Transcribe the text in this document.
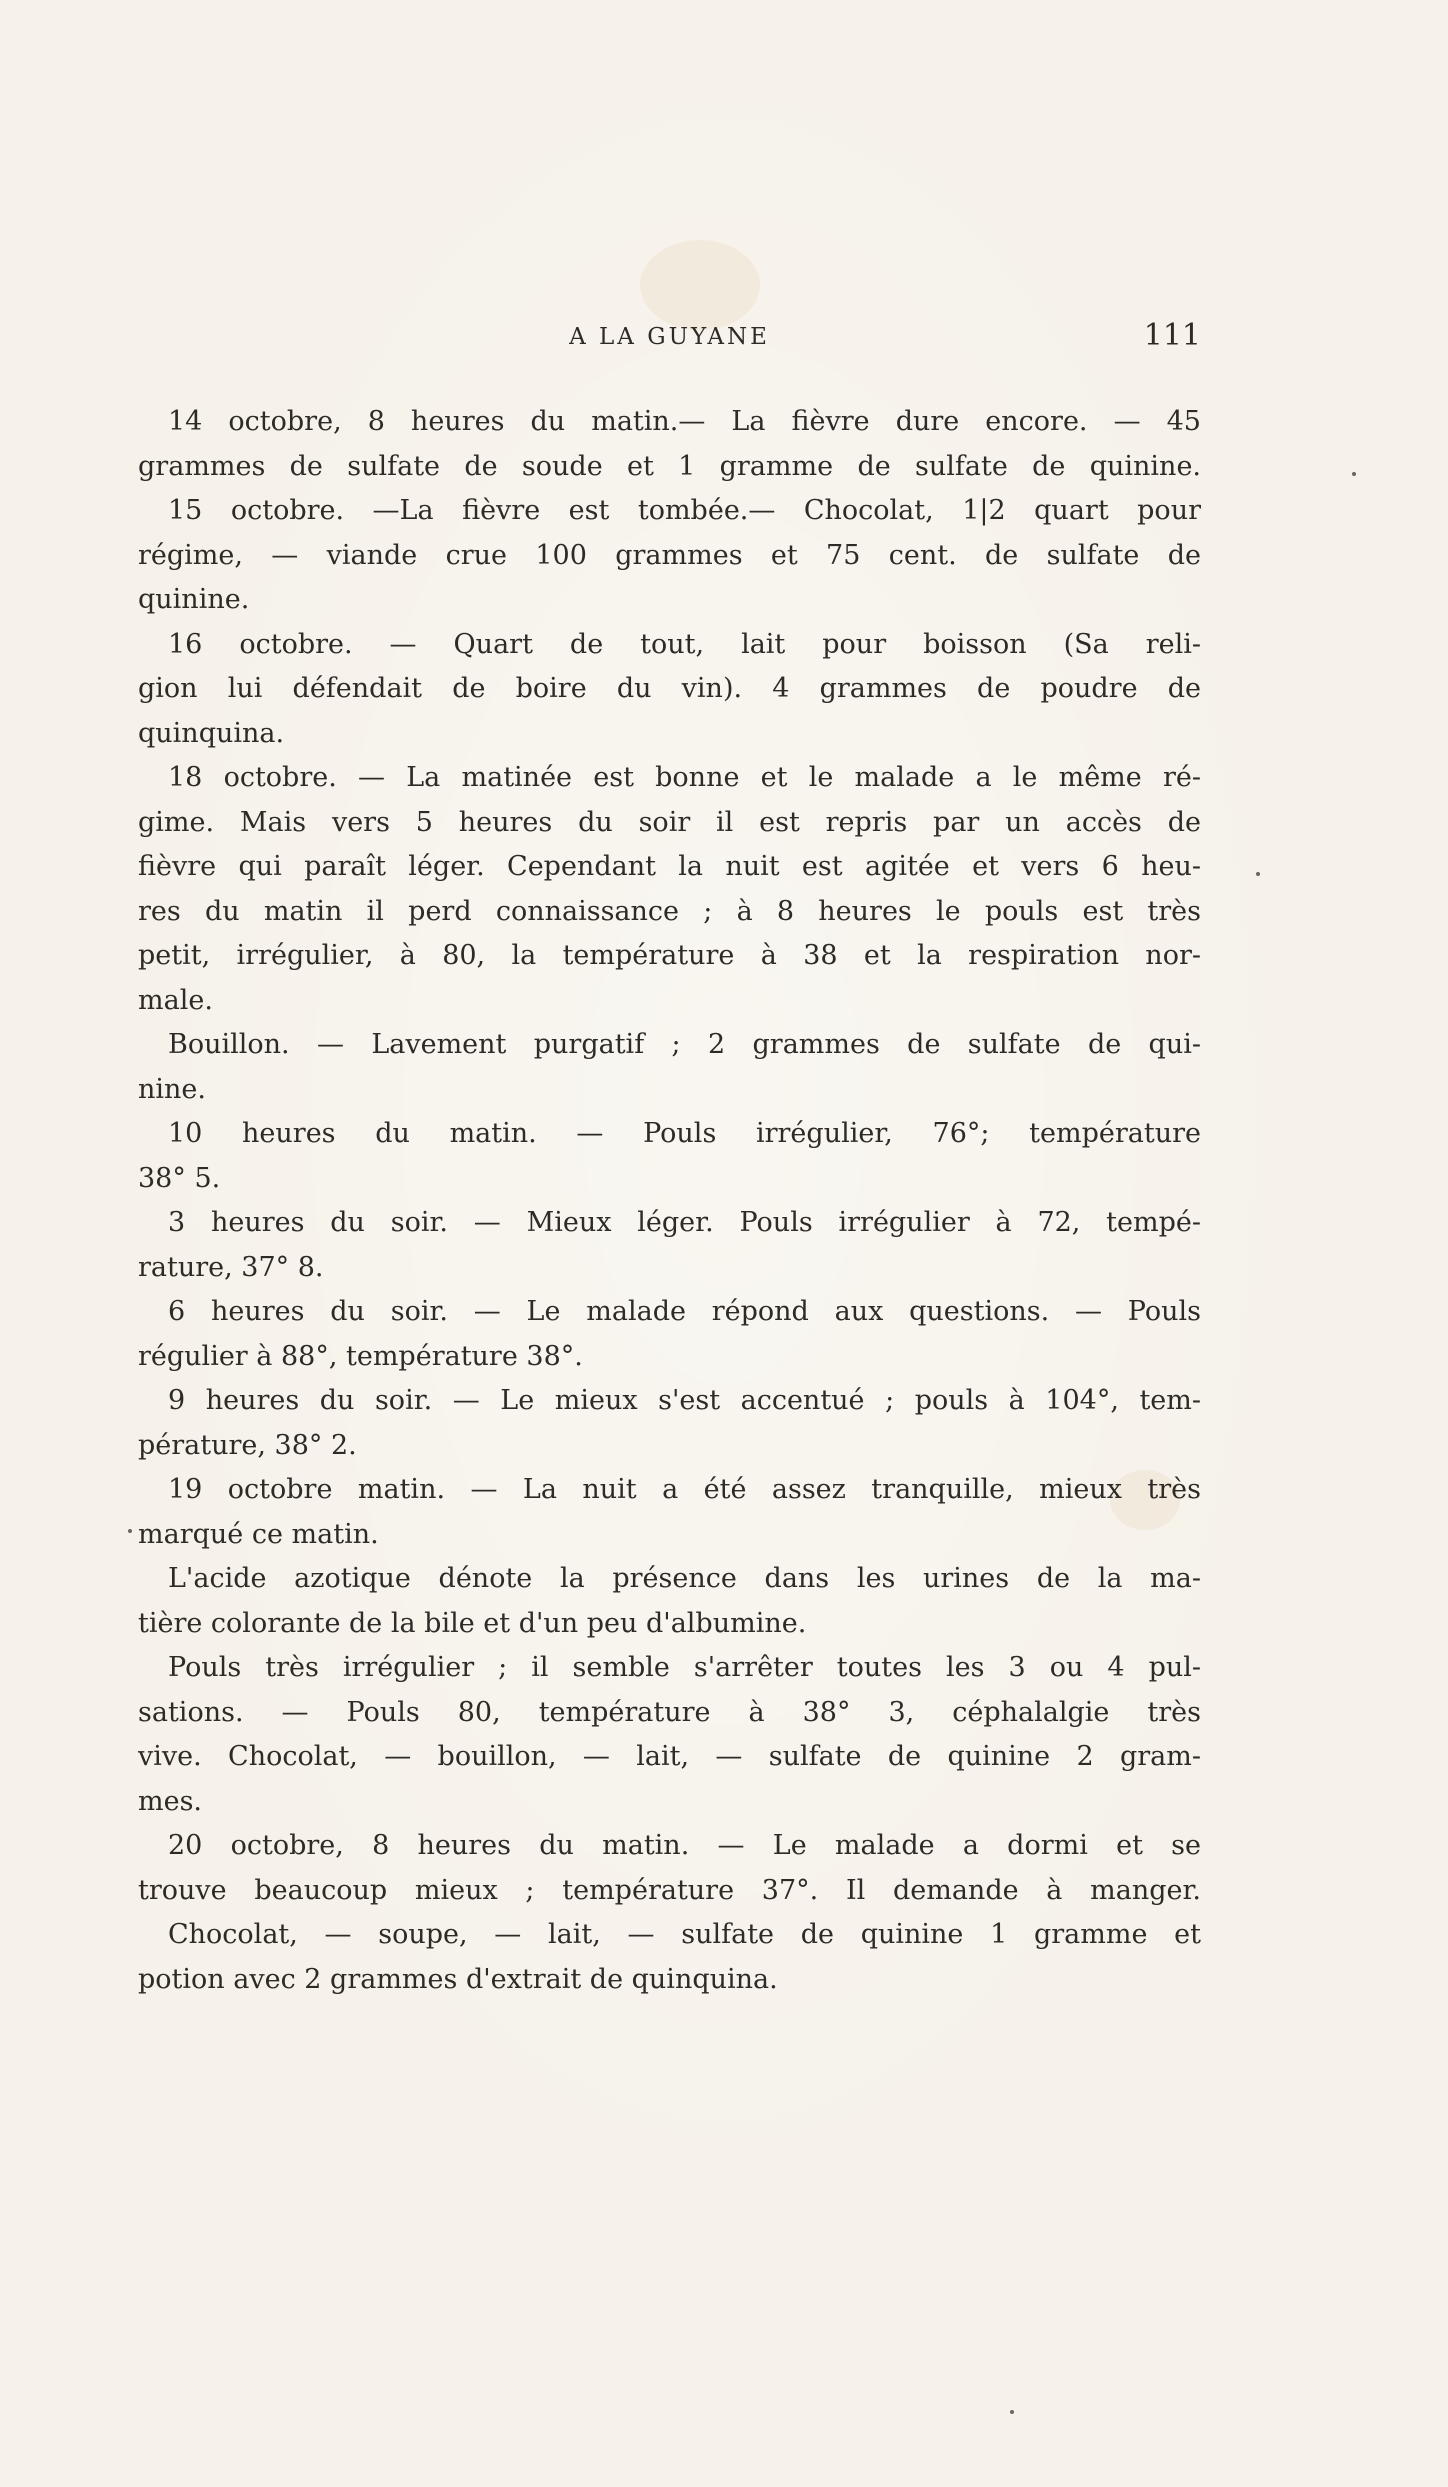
A LA GUYANE	111
14 octobre, 8 heures du matin.— La fièvre dure encore. — 45
grammes de sulfate de soude et 1 gramme de sulfate de quinine.
15 octobre. —La fièvre est tombée.— Chocolat, 1|2 quart pour
régime, — viande crue 100 grammes et 75 cent. de sulfate de
quinine.
16 octobre. — Quart de tout, lait pour boisson (Sa reli-
gion lui défendait de boire du vin). 4 grammes de poudre de
quinquina.
18 octobre. — La matinée est bonne et le malade a le même ré-
gime. Mais vers 5 heures du soir il est repris par un accès de
fièvre qui paraît léger. Cependant la nuit est agitée et vers 6 heu-
res du matin il perd connaissance ; à 8 heures le pouls est très
petit, irrégulier, à 80, la température à 38 et la respiration nor-
male.
Bouillon. — Lavement purgatif ; 2 grammes de sulfate de qui-
nine.
10 heures du matin. — Pouls irrégulier, 76°; température
38° 5.
3 heures du soir. — Mieux léger. Pouls irrégulier à 72, tempé-
rature, 37° 8.
6 heures du soir. — Le malade répond aux questions. — Pouls
régulier à 88°, température 38°.
9 heures du soir. — Le mieux s'est accentué ; pouls à 104°, tem-
pérature, 38° 2.
19 octobre matin. — La nuit a été assez tranquille, mieux très
marqué ce matin.
L'acide azotique dénote la présence dans les urines de la ma-
tière colorante de la bile et d'un peu d'albumine.
Pouls très irrégulier ; il semble s'arrêter toutes les 3 ou 4 pul-
sations. — Pouls 80, température à 38° 3, céphalalgie très
vive. Chocolat, — bouillon, — lait, — sulfate de quinine 2 gram-
mes.
20 octobre, 8 heures du matin. — Le malade a dormi et se
trouve beaucoup mieux ; température 37°. Il demande à manger.
Chocolat, — soupe, — lait, — sulfate de quinine 1 gramme et
potion avec 2 grammes d'extrait de quinquina.
